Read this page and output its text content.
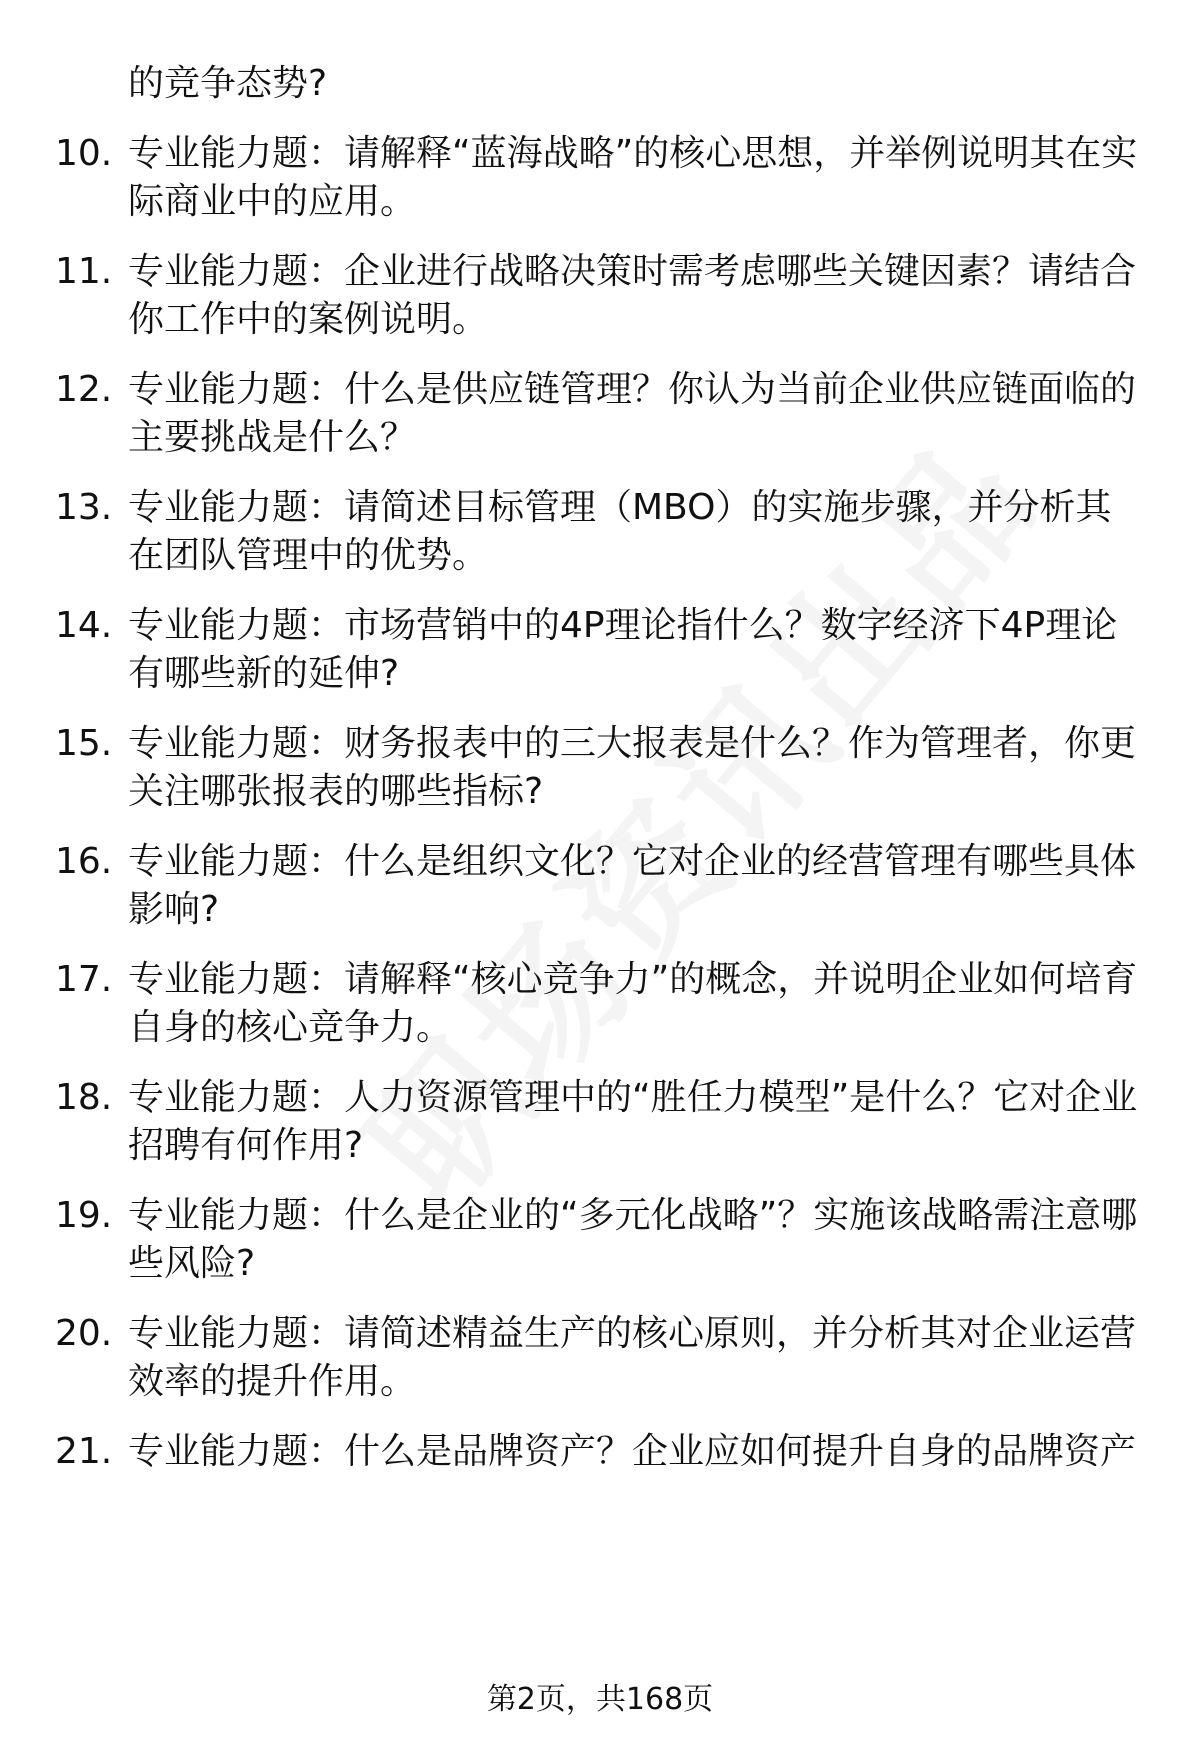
的竞争态势?

10. 专业能力题：请解释“蓝海战略”的核心思想，并举例说明其在实际商业中的应用。
11. 专业能力题：企业进行战略决策时需考虑哪些关键因素？请结合你工作中的案例说明。
12. 专业能力题：什么是供应链管理？你认为当前企业供应链面临的主要挑战是什么？
13. 专业能力题：请简述目标管理（MBO）的实施步骤，并分析其在团队管理中的优势。
14. 专业能力题：市场营销中的4P理论指什么？数字经济下4P理论有哪些新的延伸?
15. 专业能力题：财务报表中的三大报表是什么？作为管理者，你更关注哪张报表的哪些指标?
16. 专业能力题：什么是组织文化？它对企业的经营管理有哪些具体影响?
17. 专业能力题：请解释“核心竞争力”的概念，并说明企业如何培育自身的核心竞争力。
18. 专业能力题：人力资源管理中的“胜任力模型”是什么？它对企业招聘有何作用?
19. 专业能力题：什么是企业的“多元化战略”？实施该战略需注意哪些风险?
20. 专业能力题：请简述精益生产的核心原则，并分析其对企业运营效率的提升作用。
21. 专业能力题：什么是品牌资产？企业应如何提升自身的品牌资产
第2页，共168页
